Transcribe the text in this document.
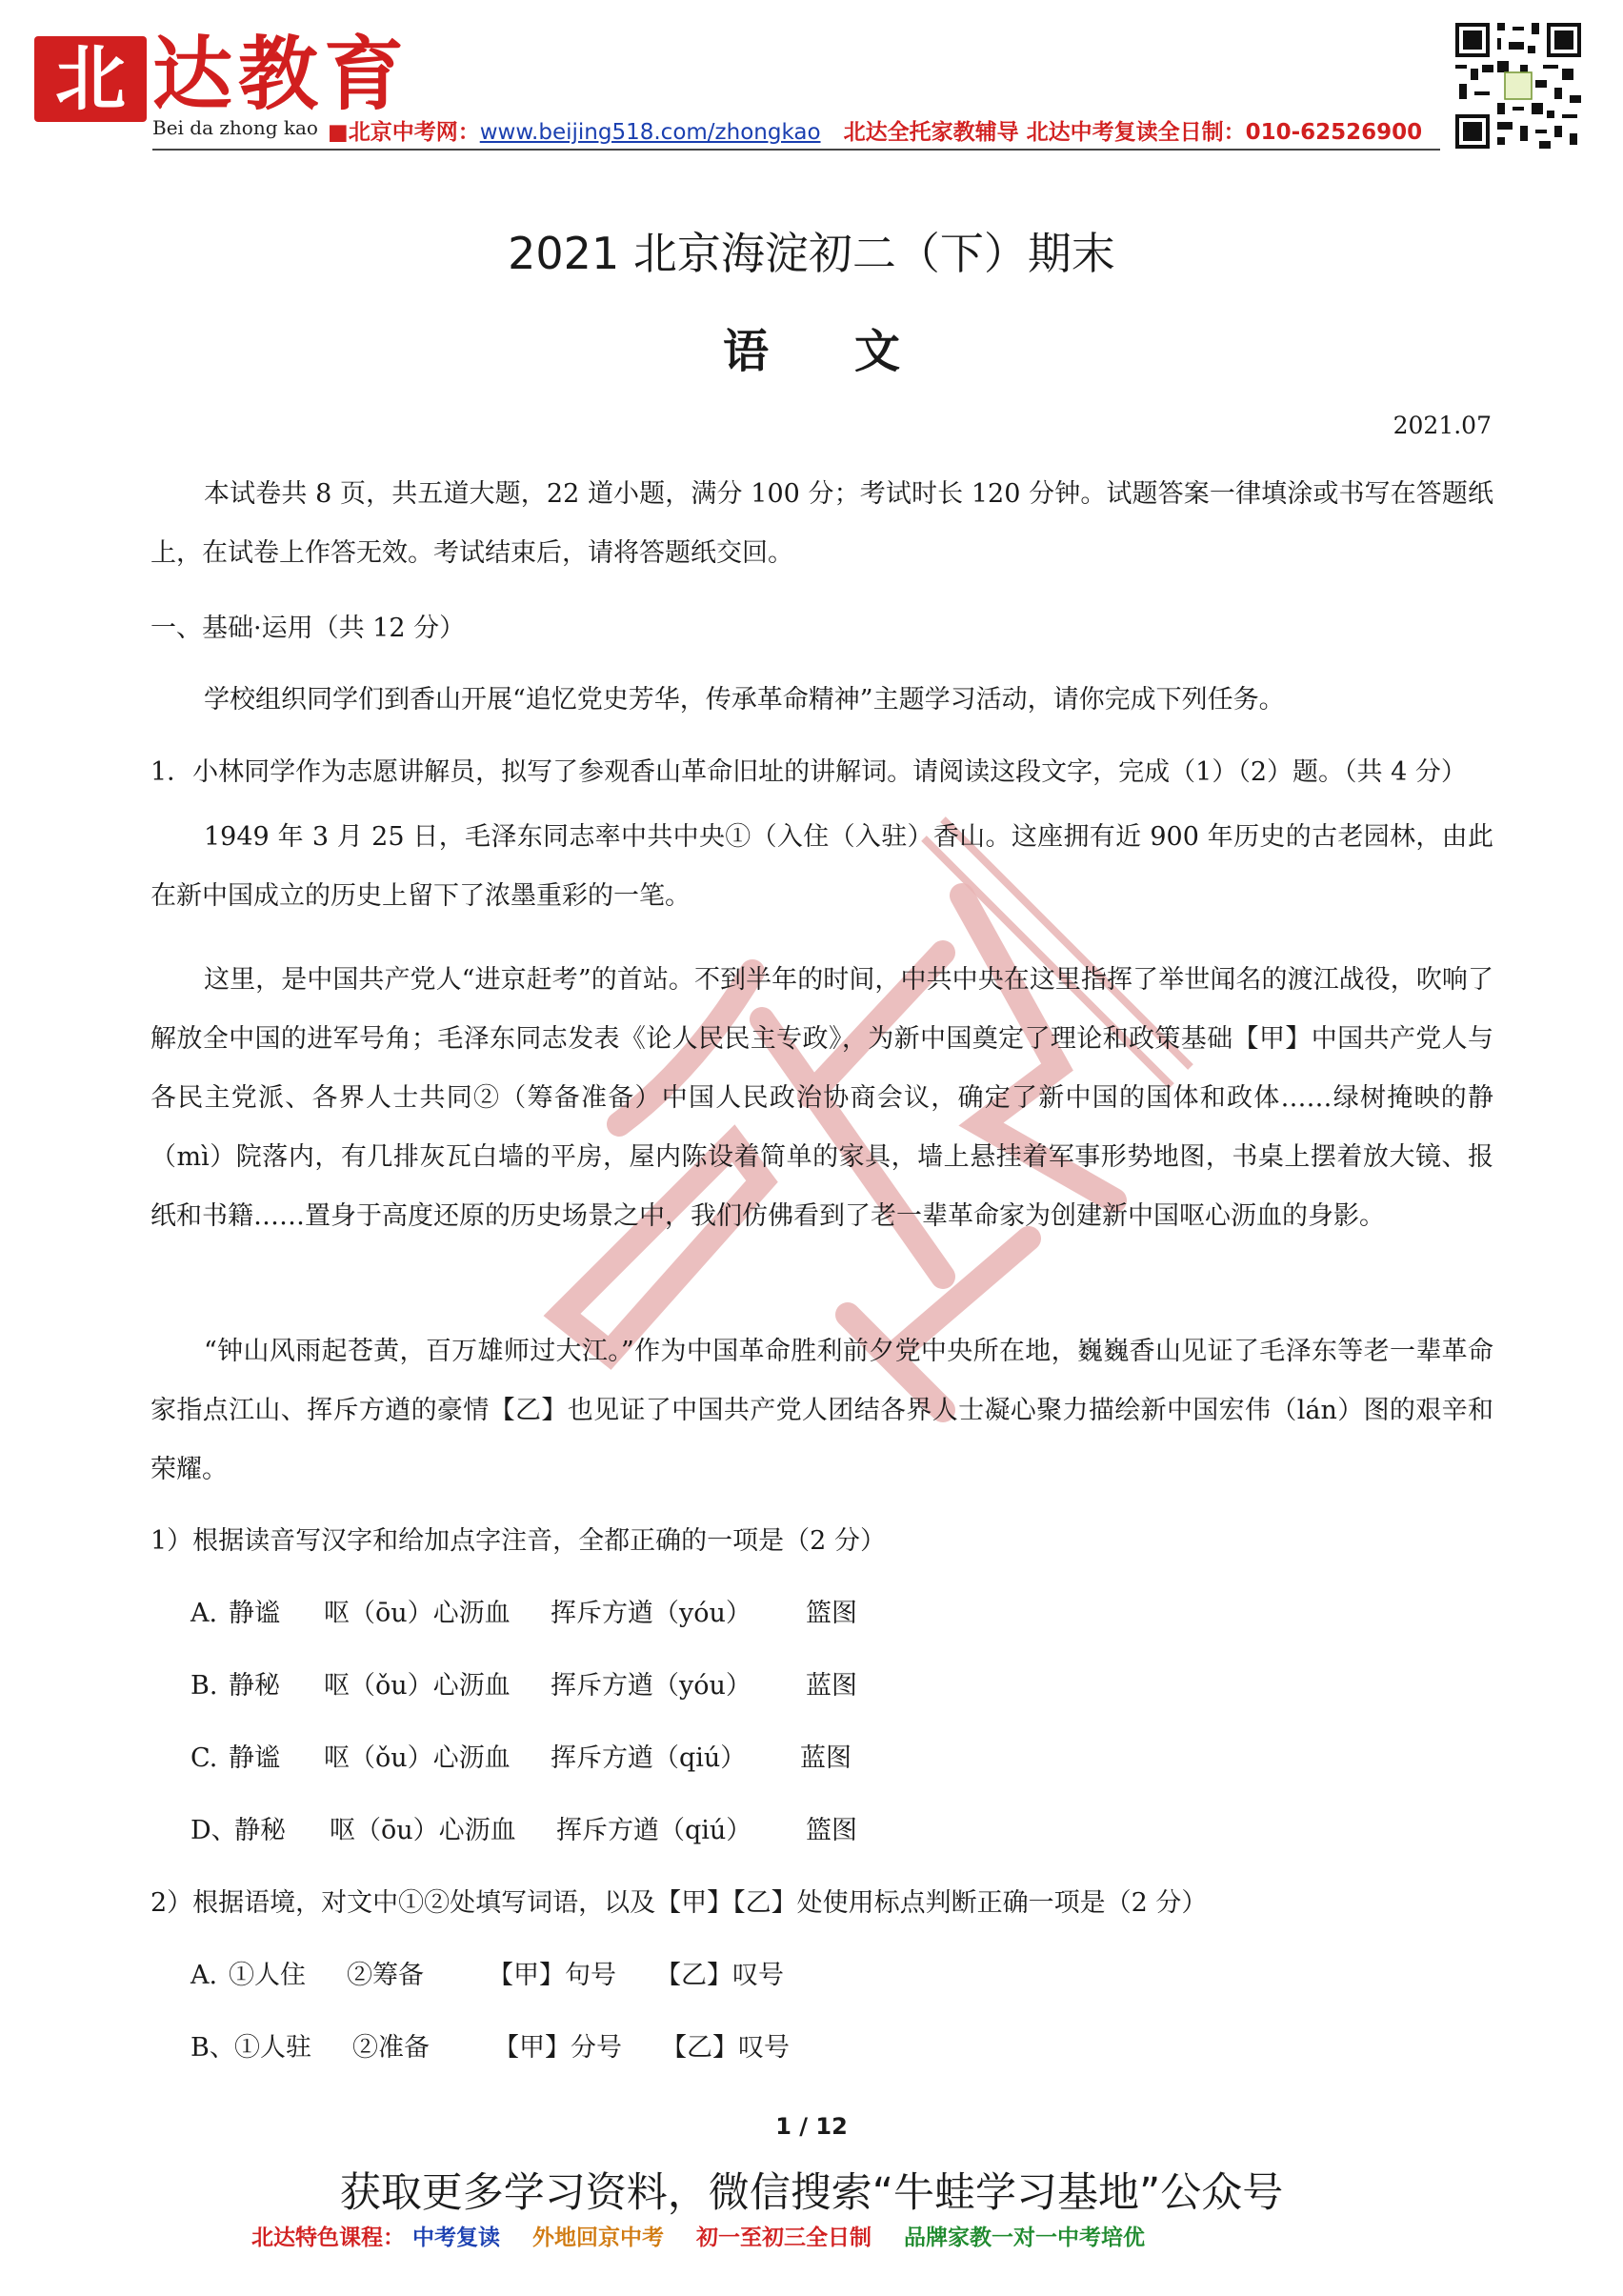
北 达教育
Bei da zhong kao ■北京中考网：www.beijing518.com/zhongkao 北达全托家教辅导 北达中考复读全日制：010-62526900
2021 北京海淀初二（下）期末
语文
2021.07
本试卷共 8 页，共五道大题，22 道小题，满分 100 分；考试时长 120 分钟。试题答案一律填涂或书写在答题纸上，在试卷上作答无效。考试结束后，请将答题纸交回。
一、基础·运用（共 12 分）
学校组织同学们到香山开展“追忆党史芳华，传承革命精神”主题学习活动，请你完成下列任务。
1．小林同学作为志愿讲解员，拟写了参观香山革命旧址的讲解词。请阅读这段文字，完成（1）（2）题。（共 4 分）
1949 年 3 月 25 日，毛泽东同志率中共中央①（入住（入驻）香山。这座拥有近 900 年历史的古老园林，由此在新中国成立的历史上留下了浓墨重彩的一笔。
这里，是中国共产党人“进京赶考”的首站。不到半年的时间，中共中央在这里指挥了举世闻名的渡江战役，吹响了解放全中国的进军号角；毛泽东同志发表《论人民民主专政》，为新中国奠定了理论和政策基础【甲】中国共产党人与各民主党派、各界人士共同②（筹备准备）中国人民政治协商会议，确定了新中国的国体和政体……绿树掩映的静（mì）院落内，有几排灰瓦白墙的平房，屋内陈设着简单的家具，墙上悬挂着军事形势地图，书桌上摆着放大镜、报纸和书籍……置身于高度还原的历史场景之中，我们仿佛看到了老一辈革命家为创建新中国呕心沥血的身影。
“钟山风雨起苍黄，百万雄师过大江。”作为中国革命胜利前夕党中央所在地，巍巍香山见证了毛泽东等老一辈革命家指点江山、挥斥方遒的豪情【乙】也见证了中国共产党人团结各界人士凝心聚力描绘新中国宏伟（lán）图的艰辛和荣耀。
1）根据读音写汉字和给加点字注音，全都正确的一项是（2 分）
A. 静谧 呕（ōu）心沥血 挥斥方遒（yóu） 篮图
B. 静秘 呕（ǒu）心沥血 挥斥方遒（yóu） 蓝图
C. 静谧 呕（ǒu）心沥血 挥斥方遒（qiú） 蓝图
D、静秘 呕（ōu）心沥血 挥斥方遒（qiú） 篮图
2）根据语境，对文中①②处填写词语，以及【甲】【乙】处使用标点判断正确一项是（2 分）
A. ①人住 ②筹备 【甲】句号 【乙】叹号
B、①人驻 ②准备 【甲】分号 【乙】叹号
1 / 12
获取更多学习资料，微信搜索“牛蛙学习基地”公众号
北达特色课程： 中考复读 外地回京中考 初一至初三全日制 品牌家教一对一中考培优
